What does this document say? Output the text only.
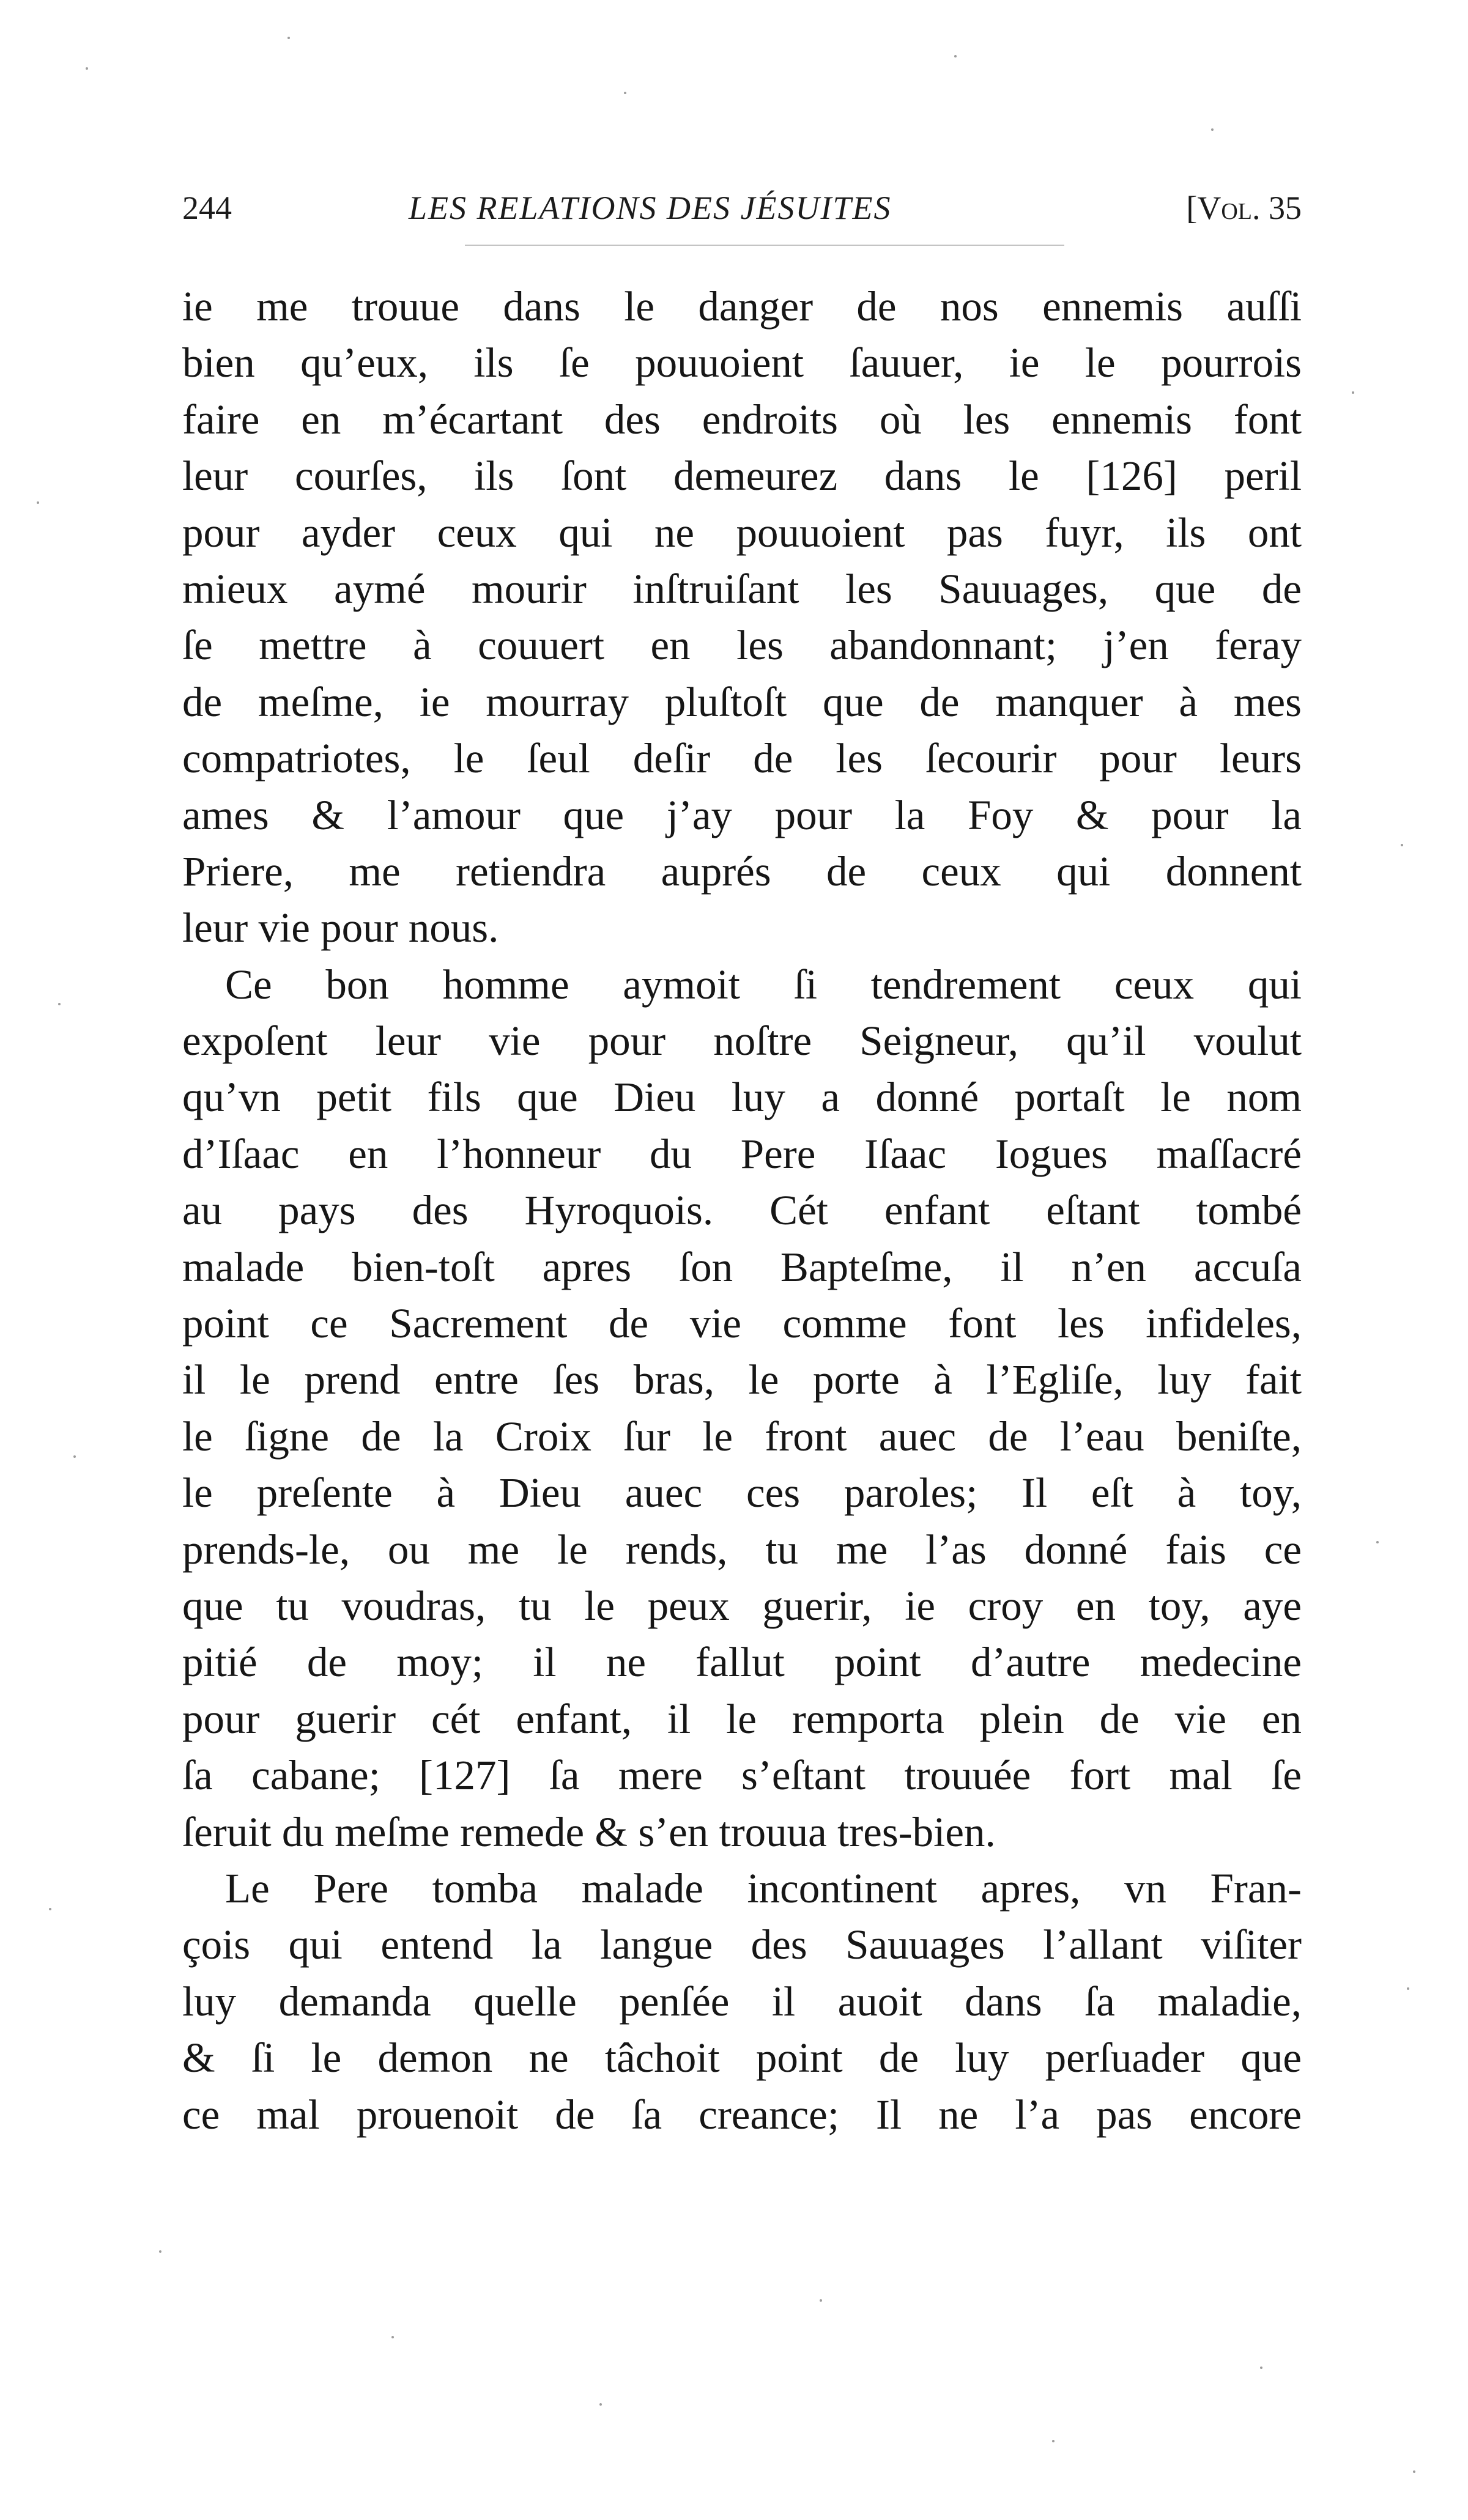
244	LES RELATIONS DES JÉSUITES	[Vol. 35
ie me trouue dans le danger de nos ennemis auſſi
bien qu’eux, ils ſe pouuoient ſauuer, ie le pourrois
faire en m’écartant des endroits où les ennemis font
leur courſes, ils ſont demeurez dans le [126] peril
pour ayder ceux qui ne pouuoient pas fuyr, ils ont
mieux aymé mourir inſtruiſant les Sauuages, que de
ſe mettre à couuert en les abandonnant; j’en feray
de meſme, ie mourray pluſtoſt que de manquer à mes
compatriotes, le ſeul deſir de les ſecourir pour leurs
ames & l’amour que j’ay pour la Foy & pour la
Priere, me retiendra auprés de ceux qui donnent
leur vie pour nous.
Ce bon homme aymoit ſi tendrement ceux qui
expoſent leur vie pour noſtre Seigneur, qu’il voulut
qu’vn petit fils que Dieu luy a donné portaſt le nom
d’Iſaac en l’honneur du Pere Iſaac Iogues maſſacré
au pays des Hyroquois. Cét enfant eſtant tombé
malade bien-toſt apres ſon Bapteſme, il n’en accuſa
point ce Sacrement de vie comme font les infideles,
il le prend entre ſes bras, le porte à l’Egliſe, luy fait
le ſigne de la Croix ſur le front auec de l’eau beniſte,
le preſente à Dieu auec ces paroles; Il eſt à toy,
prends-le, ou me le rends, tu me l’as donné fais ce
que tu voudras, tu le peux guerir, ie croy en toy, aye
pitié de moy; il ne fallut point d’autre medecine
pour guerir cét enfant, il le remporta plein de vie en
ſa cabane; [127] ſa mere s’eſtant trouuée fort mal ſe
ſeruit du meſme remede & s’en trouua tres-bien.
Le Pere tomba malade incontinent apres, vn Fran-
çois qui entend la langue des Sauuages l’allant viſiter
luy demanda quelle penſée il auoit dans ſa maladie,
& ſi le demon ne tâchoit point de luy perſuader que
ce mal prouenoit de ſa creance; Il ne l’a pas encore
